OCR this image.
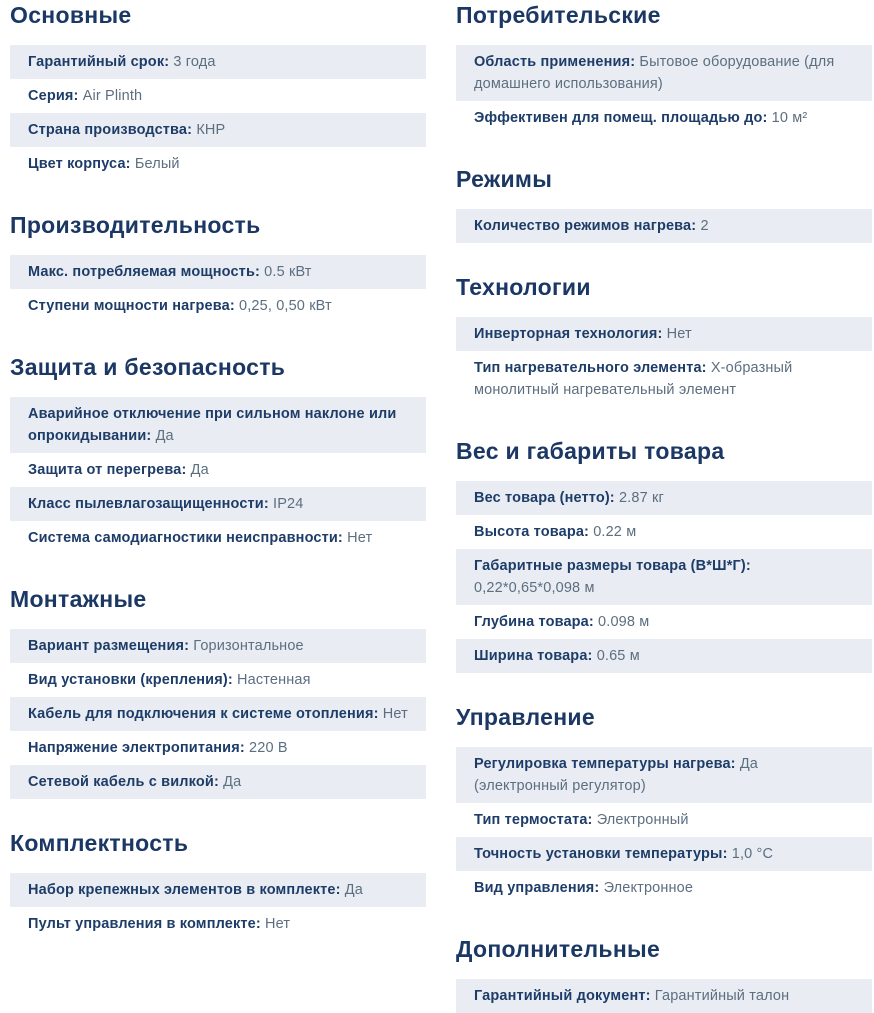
Основные
Гарантийный срок: 3 года
Серия: Air Plinth
Страна производства: КНР
Цвет корпуса: Белый
Производительность
Макс. потребляемая мощность: 0.5 кВт
Ступени мощности нагрева: 0,25, 0,50 кВт
Защита и безопасность
Аварийное отключение при сильном наклоне или опрокидывании: Да
Защита от перегрева: Да
Класс пылевлагозащищенности: IP24
Система самодиагностики неисправности: Нет
Монтажные
Вариант размещения: Горизонтальное
Вид установки (крепления): Настенная
Кабель для подключения к системе отопления: Нет
Напряжение электропитания: 220 В
Сетевой кабель с вилкой: Да
Комплектность
Набор крепежных элементов в комплекте: Да
Пульт управления в комплекте: Нет
Потребительские
Область применения: Бытовое оборудование (для домашнего использования)
Эффективен для помещ. площадью до: 10 м²
Режимы
Количество режимов нагрева: 2
Технологии
Инверторная технология: Нет
Тип нагревательного элемента: Х-образный монолитный нагревательный элемент
Вес и габариты товара
Вес товара (нетто): 2.87 кг
Высота товара: 0.22 м
Габаритные размеры товара (В*Ш*Г): 0,22*0,65*0,098 м
Глубина товара: 0.098 м
Ширина товара: 0.65 м
Управление
Регулировка температуры нагрева: Да (электронный регулятор)
Тип термостата: Электронный
Точность установки температуры: 1,0 °C
Вид управления: Электронное
Дополнительные
Гарантийный документ: Гарантийный талон
